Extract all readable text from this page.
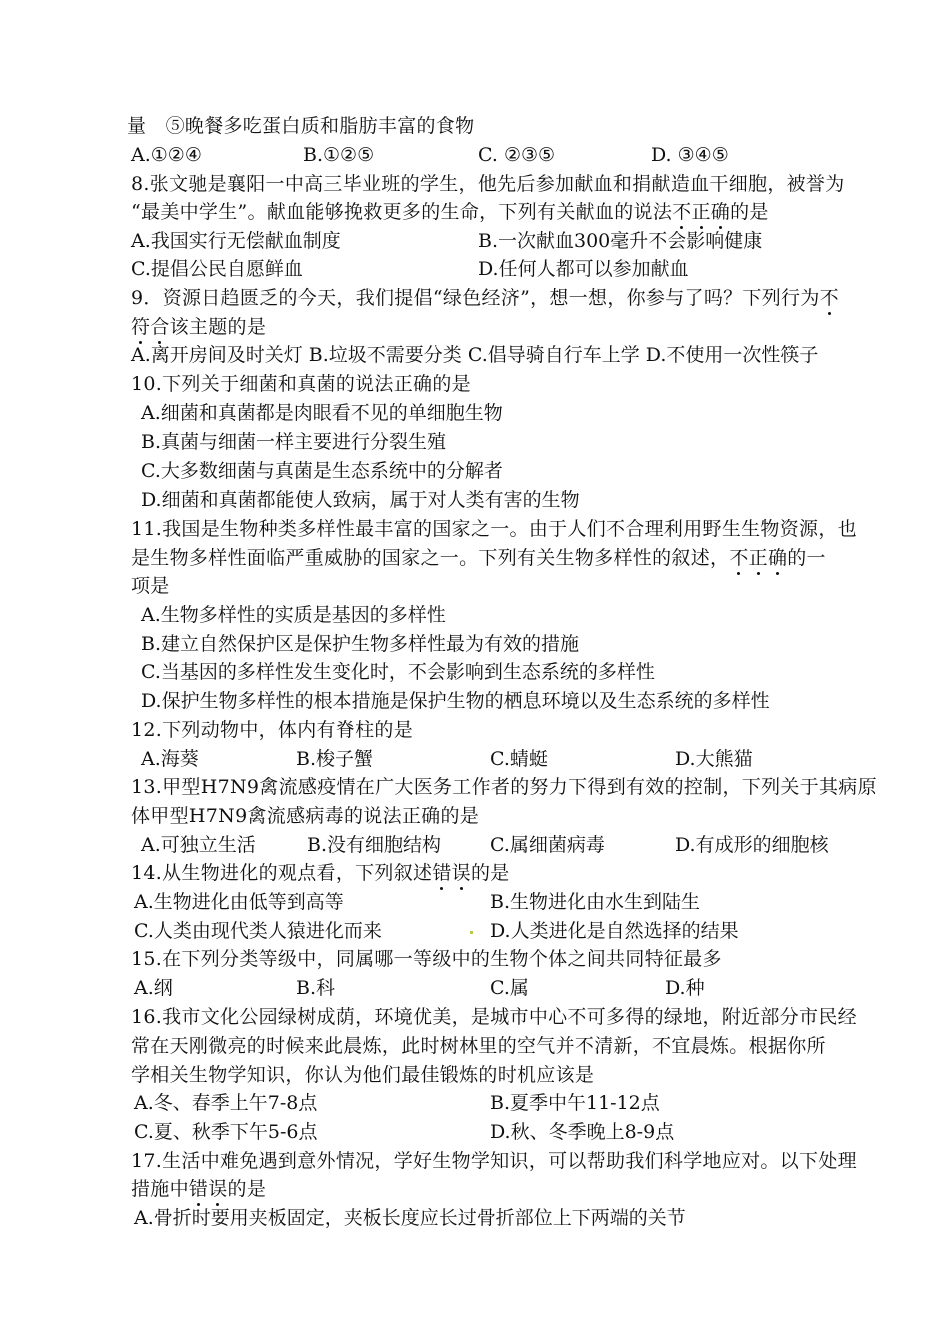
量　⑤晚餐多吃蛋白质和脂肪丰富的食物
A.①②④	B.①②⑤	C. ②③⑤	D. ③④⑤
8.张文驰是襄阳一中高三毕业班的学生，他先后参加献血和捐献造血干细胞，被誉为
“最美中学生”。献血能够挽救更多的生命，下列有关献血的说法不正确的是
A.我国实行无偿献血制度	B.一次献血300毫升不会影响健康
C.提倡公民自愿鲜血	D.任何人都可以参加献血
9．资源日趋匮乏的今天，我们提倡“绿色经济”，想一想，你参与了吗？下列行为不
符合该主题的是
A.离开房间及时关灯 B.垃圾不需要分类 C.倡导骑自行车上学 D.不使用一次性筷子
10.下列关于细菌和真菌的说法正确的是
A.细菌和真菌都是肉眼看不见的单细胞生物
B.真菌与细菌一样主要进行分裂生殖
C.大多数细菌与真菌是生态系统中的分解者
D.细菌和真菌都能使人致病，属于对人类有害的生物
11.我国是生物种类多样性最丰富的国家之一。由于人们不合理利用野生生物资源，也
是生物多样性面临严重威胁的国家之一。下列有关生物多样性的叙述，不正确的一
项是
A.生物多样性的实质是基因的多样性
B.建立自然保护区是保护生物多样性最为有效的措施
C.当基因的多样性发生变化时，不会影响到生态系统的多样性
D.保护生物多样性的根本措施是保护生物的栖息环境以及生态系统的多样性
12.下列动物中，体内有脊柱的是
A.海葵	B.梭子蟹	C.蜻蜓	D.大熊猫
13.甲型H7N9禽流感疫情在广大医务工作者的努力下得到有效的控制，下列关于其病原
体甲型H7N9禽流感病毒的说法正确的是
A.可独立生活	B.没有细胞结构	C.属细菌病毒	D.有成形的细胞核
14.从生物进化的观点看，下列叙述错误的是
A.生物进化由低等到高等	B.生物进化由水生到陆生
C.人类由现代类人猿进化而来	D.人类进化是自然选择的结果
15.在下列分类等级中，同属哪一等级中的生物个体之间共同特征最多
A.纲	B.科	C.属	D.种
16.我市文化公园绿树成荫，环境优美，是城市中心不可多得的绿地，附近部分市民经
常在天刚微亮的时候来此晨炼，此时树林里的空气并不清新，不宜晨炼。根据你所
学相关生物学知识，你认为他们最佳锻炼的时机应该是
A.冬、春季上午7-8点	B.夏季中午11-12点
C.夏、秋季下午5-6点	D.秋、冬季晚上8-9点
17.生活中难免遇到意外情况，学好生物学知识，可以帮助我们科学地应对。以下处理
措施中错误的是
A.骨折时要用夹板固定，夹板长度应长过骨折部位上下两端的关节
